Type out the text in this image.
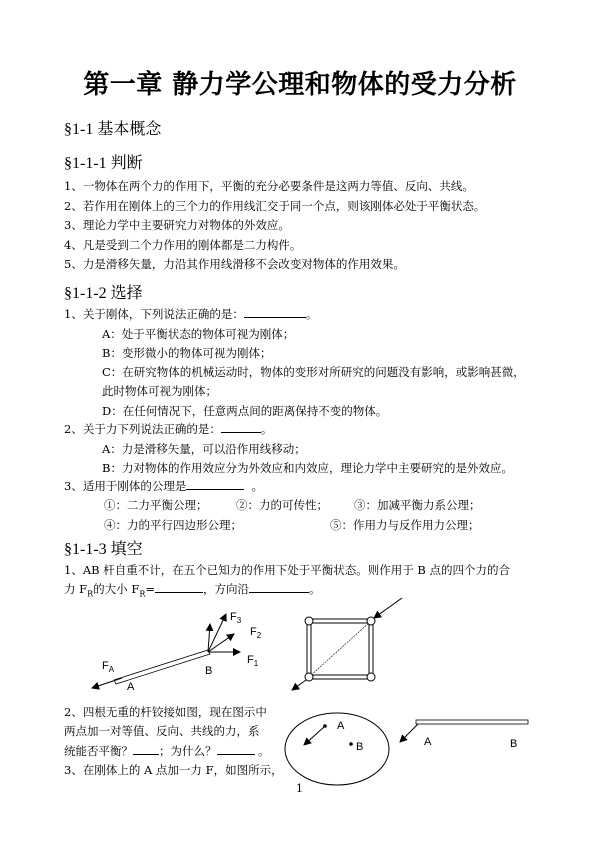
第一章 静力学公理和物体的受力分析
§1-1 基本概念
§1-1-1 判断
1、一物体在两个力的作用下，平衡的充分必要条件是这两力等值、反向、共线。
2、若作用在刚体上的三个力的作用线汇交于同一个点，则该刚体必处于平衡状态。
3、理论力学中主要研究力对物体的外效应。
4、凡是受到二个力作用的刚体都是二力构件。
5、力是滑移矢量，力沿其作用线滑移不会改变对物体的作用效果。
§1-1-2 选择
1、关于刚体，下列说法正确的是：	。
A：处于平衡状态的物体可视为刚体；
B：变形微小的物体可视为刚体；
C：在研究物体的机械运动时，物体的变形对所研究的问题没有影响，或影响甚微，
此时物体可视为刚体；
D：在任何情况下，任意两点间的距离保持不变的物体。
2、关于力下列说法正确的是：	。
A：力是滑移矢量，可以沿作用线移动；
B：力对物体的作用效应分为外效应和内效应，理论力学中主要研究的是外效应。
3、适用于刚体的公理是	。
①：二力平衡公理； ②：力的可传性； ③：加减平衡力系公理；
④：力的平行四边形公理；	⑤：作用力与反作用力公理；
§1-1-3 填空
1、AB 杆自重不计，在五个已知力的作用下处于平衡状态。则作用于 B 点的四个力的合
力 $F_R$的大小 $F_R=$	，方向沿	。
$F_3$
$F_2$
$F_1$
$F_A$	B
A
2、四根无重的杆铰接如图，现在图示中
两点加一对等值、反向、共线的力，系
统能否平衡？ ；为什么？	。
3、在刚体上的 A 点加一力 F，如图所示，
A
B	A	B
1
